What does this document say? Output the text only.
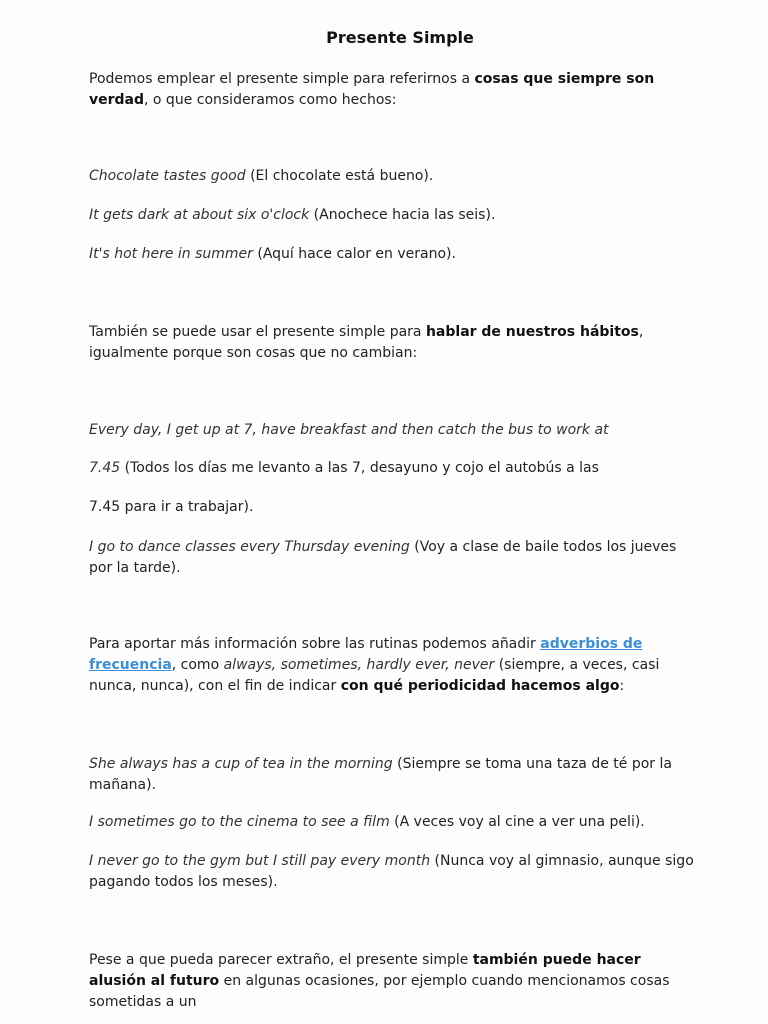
Presente Simple
Podemos emplear el presente simple para referirnos a cosas que siempre son verdad, o que consideramos como hechos:
Chocolate tastes good (El chocolate está bueno).
It gets dark at about six o'clock (Anochece hacia las seis).
It's hot here in summer (Aquí hace calor en verano).
También se puede usar el presente simple para hablar de nuestros hábitos, igualmente porque son cosas que no cambian:
Every day, I get up at 7, have breakfast and then catch the bus to work at
7.45 (Todos los días me levanto a las 7, desayuno y cojo el autobús a las
7.45 para ir a trabajar).
I go to dance classes every Thursday evening (Voy a clase de baile todos los jueves por la tarde).
Para aportar más información sobre las rutinas podemos añadir adverbios de frecuencia, como always, sometimes, hardly ever, never (siempre, a veces, casi nunca, nunca), con el fin de indicar con qué periodicidad hacemos algo:
She always has a cup of tea in the morning (Siempre se toma una taza de té por la mañana).
I sometimes go to the cinema to see a film (A veces voy al cine a ver una peli).
I never go to the gym but I still pay every month (Nunca voy al gimnasio, aunque sigo pagando todos los meses).
Pese a que pueda parecer extraño, el presente simple también puede hacer alusión al futuro en algunas ocasiones, por ejemplo cuando mencionamos cosas sometidas a un
